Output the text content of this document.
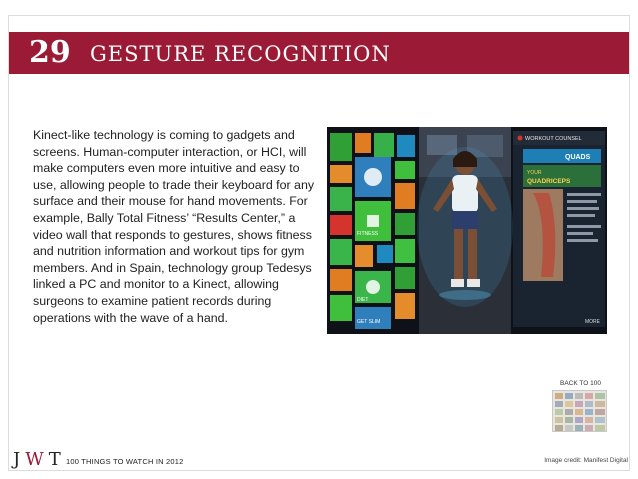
29 GESTURE RECOGNITION
Kinect-like technology is coming to gadgets and screens. Human-computer interaction, or HCI, will make computers even more intuitive and easy to use, allowing people to trade their keyboard for any surface and their mouse for hand movements. For example, Bally Total Fitness’ “Results Center,” a video wall that responds to gestures, shows fitness and nutrition information and workout tips for gym members. And in Spain, technology group Tedesys linked a PC and monitor to a Kinect, allowing surgeons to examine patient records during operations with the wave of a hand.
FITNESS
DIET
GET SLIM
WORKOUT COUNSEL
QUADS
YOUR
QUADRICEPS
MORE
BACK TO 100
JWT 100 THINGS TO WATCH IN 2012	Image credit: Manifest Digital
